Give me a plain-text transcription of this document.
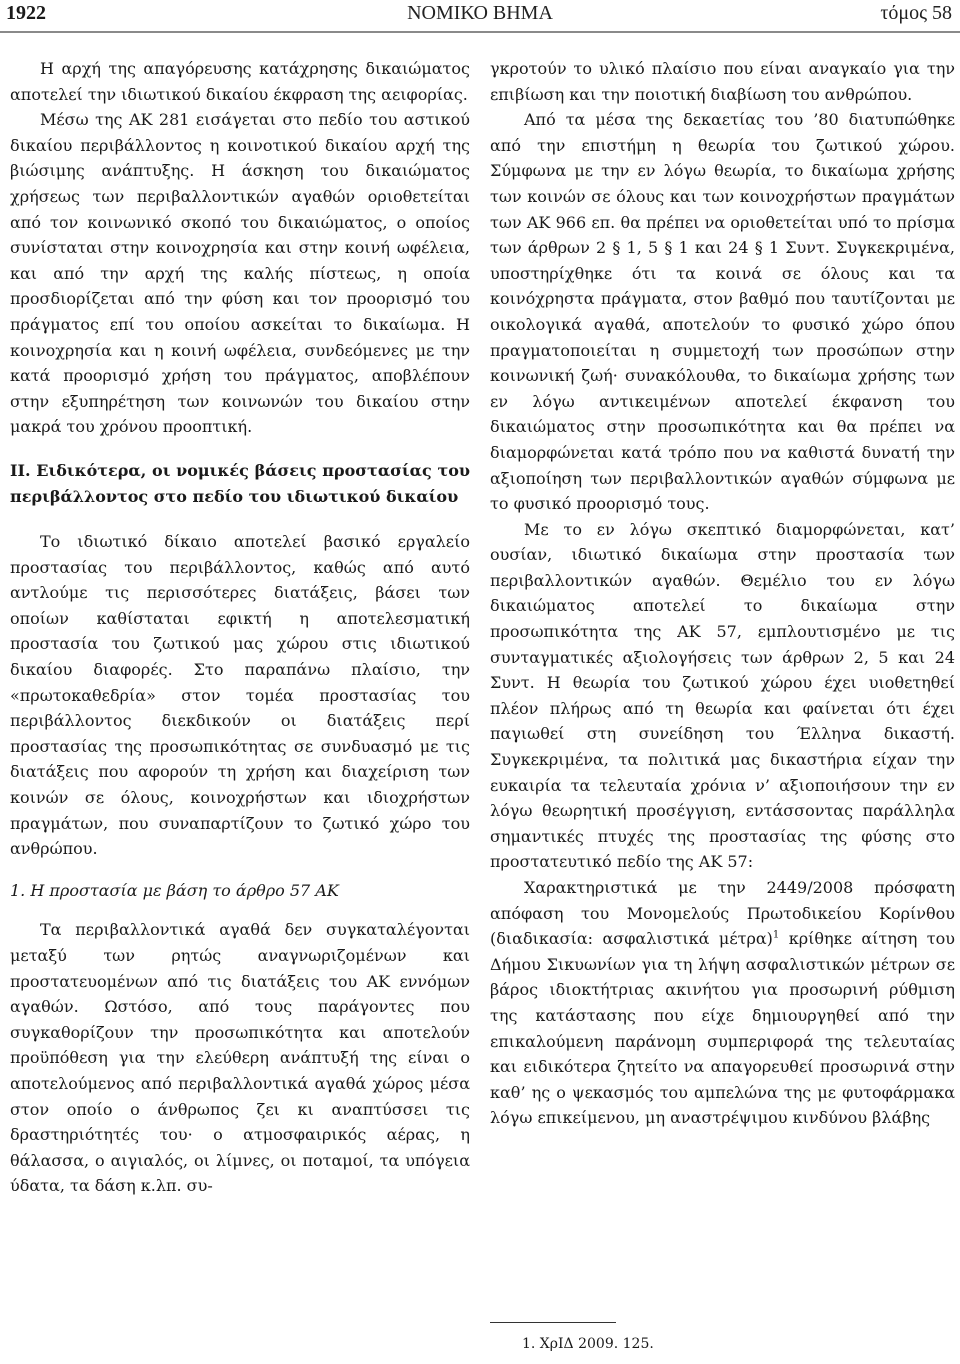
1922	ΝΟΜΙΚΟ ΒΗΜΑ	τόμος 58

Η αρχή της απαγόρευσης κατάχρησης δικαιώματος αποτελεί την ιδιωτικού δικαίου έκφραση της αειφορίας.

Μέσω της ΑΚ 281 εισάγεται στο πεδίο του αστικού δικαίου περιβάλλοντος η κοινοτικού δικαίου αρχή της βιώσιμης ανάπτυξης. Η άσκηση του δικαιώματος χρήσεως των περιβαλλοντικών αγαθών οριοθετείται από τον κοινωνικό σκοπό του δικαιώματος, ο οποίος συνίσταται στην κοινοχρησία και στην κοινή ωφέλεια, και από την αρχή της καλής πίστεως, η οποία προσδιορίζεται από την φύση και τον προορισμό του πράγματος επί του οποίου ασκείται το δικαίωμα. Η κοινοχρησία και η κοινή ωφέλεια, συνδεόμενες με την κατά προορισμό χρήση του πράγματος, αποβλέπουν στην εξυπηρέτηση των κοινωνών του δικαίου στην μακρά του χρόνου προοπτική.

ΙΙ. Ειδικότερα, οι νομικές βάσεις προστασίας του περιβάλλοντος στο πεδίο του ιδιωτικού δικαίου

Το ιδιωτικό δίκαιο αποτελεί βασικό εργαλείο προστασίας του περιβάλλοντος, καθώς από αυτό αντλούμε τις περισσότερες διατάξεις, βάσει των οποίων καθίσταται εφικτή η αποτελεσματική προστασία του ζωτικού μας χώρου στις ιδιωτικού δικαίου διαφορές. Στο παραπάνω πλαίσιο, την «πρωτοκαθεδρία» στον τομέα προστασίας του περιβάλλοντος διεκδικούν οι διατάξεις περί προστασίας της προσωπικότητας σε συνδυασμό με τις διατάξεις που αφορούν τη χρήση και διαχείριση των κοινών σε όλους, κοινοχρήστων και ιδιοχρήστων πραγμάτων, που συναπαρτίζουν το ζωτικό χώρο του ανθρώπου.

1. Η προστασία με βάση το άρθρο 57 ΑΚ

Τα περιβαλλοντικά αγαθά δεν συγκαταλέγονται μεταξύ των ρητώς αναγνωριζομένων και προστατευομένων από τις διατάξεις του ΑΚ εννόμων αγαθών. Ωστόσο, από τους παράγοντες που συγκαθορίζουν την προσωπικότητα και αποτελούν προϋπόθεση για την ελεύθερη ανάπτυξή της είναι ο αποτελούμενος από περιβαλλοντικά αγαθά χώρος μέσα στον οποίο ο άνθρωπος ζει κι αναπτύσσει τις δραστηριότητές του· ο ατμοσφαιρικός αέρας, η θάλασσα, ο αιγιαλός, οι λίμνες, οι ποταμοί, τα υπόγεια ύδατα, τα δάση κ.λπ. συ-

γκροτούν το υλικό πλαίσιο που είναι αναγκαίο για την επιβίωση και την ποιοτική διαβίωση του ανθρώπου.

Από τα μέσα της δεκαετίας του ’80 διατυπώθηκε από την επιστήμη η θεωρία του ζωτικού χώρου. Σύμφωνα με την εν λόγω θεωρία, το δικαίωμα χρήσης των κοινών σε όλους και των κοινοχρήστων πραγμάτων των ΑΚ 966 επ. θα πρέπει να οριοθετείται υπό το πρίσμα των άρθρων 2 § 1, 5 § 1 και 24 § 1 Συντ. Συγκεκριμένα, υποστηρίχθηκε ότι τα κοινά σε όλους και τα κοινόχρηστα πράγματα, στον βαθμό που ταυτίζονται με οικολογικά αγαθά, αποτελούν το φυσικό χώρο όπου πραγματοποιείται η συμμετοχή των προσώπων στην κοινωνική ζωή· συνακόλουθα, το δικαίωμα χρήσης των εν λόγω αντικειμένων αποτελεί έκφανση του δικαιώματος στην προσωπικότητα και θα πρέπει να διαμορφώνεται κατά τρόπο που να καθιστά δυνατή την αξιοποίηση των περιβαλλοντικών αγαθών σύμφωνα με το φυσικό προορισμό τους.

Με το εν λόγω σκεπτικό διαμορφώνεται, κατ’ ουσίαν, ιδιωτικό δικαίωμα στην προστασία των περιβαλλοντικών αγαθών. Θεμέλιο του εν λόγω δικαιώματος αποτελεί το δικαίωμα στην προσωπικότητα της ΑΚ 57, εμπλουτισμένο με τις συνταγματικές αξιολογήσεις των άρθρων 2, 5 και 24 Συντ. Η θεωρία του ζωτικού χώρου έχει υιοθετηθεί πλέον πλήρως από τη θεωρία και φαίνεται ότι έχει παγιωθεί στη συνείδηση του Έλληνα δικαστή. Συγκεκριμένα, τα πολιτικά μας δικαστήρια είχαν την ευκαιρία τα τελευταία χρόνια ν’ αξιοποιήσουν την εν λόγω θεωρητική προσέγγιση, εντάσσοντας παράλληλα σημαντικές πτυχές της προστασίας της φύσης στο προστατευτικό πεδίο της ΑΚ 57:

Χαρακτηριστικά με την 2449/2008 πρόσφατη απόφαση του Μονομελούς Πρωτοδικείου Κορίνθου (διαδικασία: ασφαλιστικά μέτρα)$^1$ κρίθηκε αίτηση του Δήμου Σικυωνίων για τη λήψη ασφαλιστικών μέτρων σε βάρος ιδιοκτήτριας ακινήτου για προσωρινή ρύθμιση της κατάστασης που είχε δημιουργηθεί από την επικαλούμενη παράνομη συμπεριφορά της τελευταίας και ειδικότερα ζητείτο να απαγορευθεί προσωρινά στην καθ’ ης ο ψεκασμός του αμπελώνα της με φυτοφάρμακα λόγω επικείμενου, μη αναστρέψιμου κινδύνου βλάβης

1. ΧρΙΔ 2009. 125.
